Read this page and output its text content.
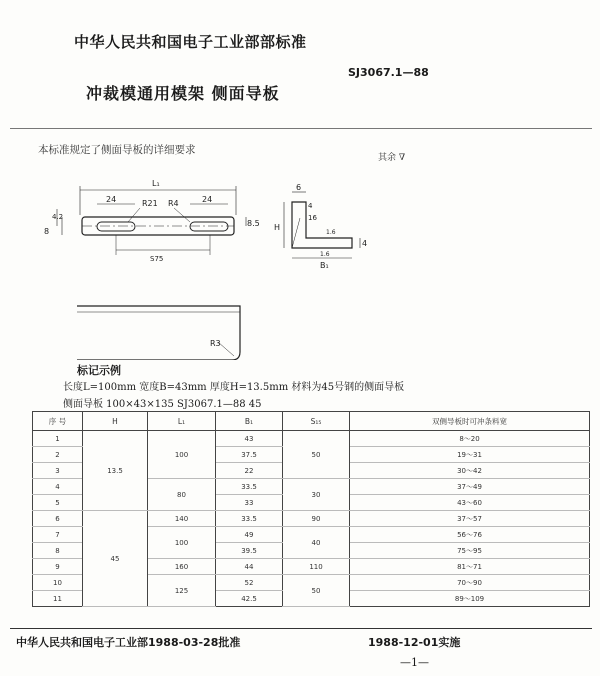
中华人民共和国电子工业部部标准
SJ3067.1—88
冲裁模通用模架 侧面导板
本标准规定了侧面导板的详细要求
其余 ∇
L₁
24	R21 R4	24
4.2
8
8.5
S75
6
4
16
H
4
B₁
1.6
1.6
R3
标记示例
长度L=100mm 宽度B=43mm 厚度H=13.5mm 材料为45号钢的侧面导板
侧面导板 100×43×135 SJ3067.1—88 45
序 号	H	L₁	B₁	S₁₅	双侧导板时可冲条料宽
1	13.5	100	43	50	8～20
2			37.5		19～31
3			22		30～42
4		80	33.5	30	37～49
5			33		43～60
6	45	140	33.5	90	37～57
7		100	49	40	56～76
8			39.5		75～95
9		160	44	110	81～71
10		125	52	50	70～90
11			42.5		89～109
中华人民共和国电子工业部1988-03-28批准	1988-12-01实施
—1—
